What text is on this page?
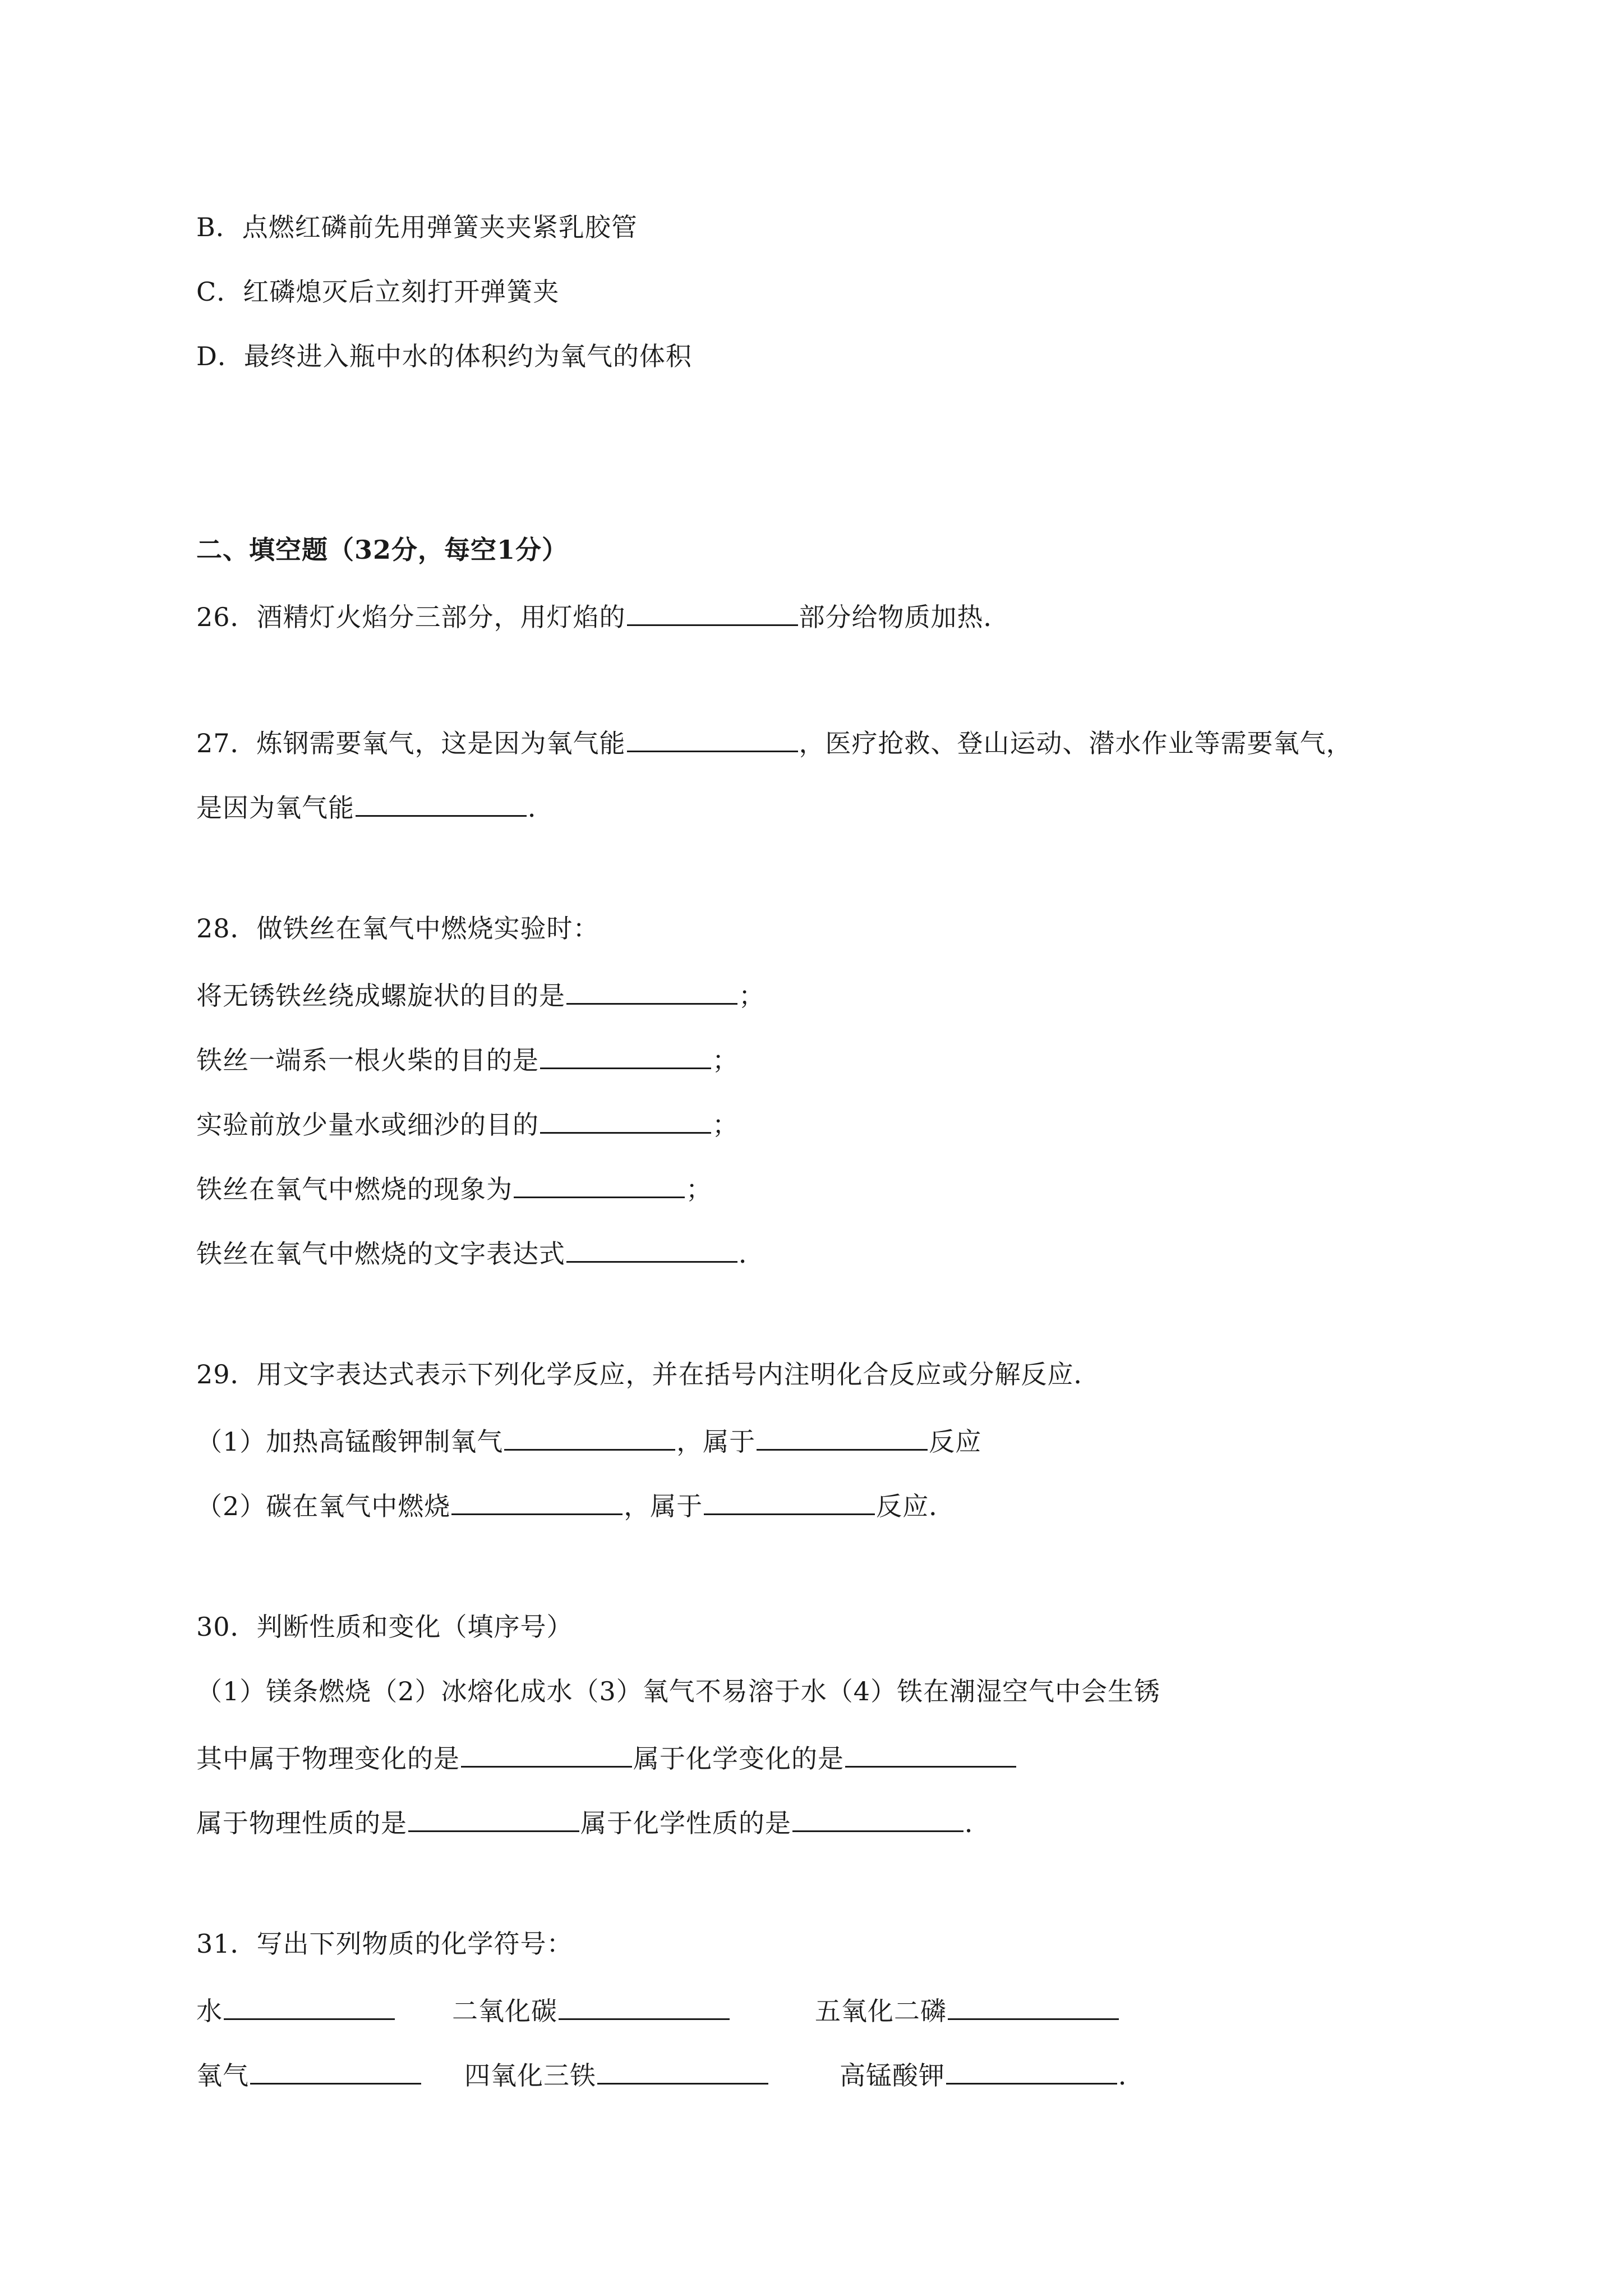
B．点燃红磷前先用弹簧夹夹紧乳胶管
C．红磷熄灭后立刻打开弹簧夹
D．最终进入瓶中水的体积约为氧气的体积
二、填空题（32分，每空1分）
26．酒精灯火焰分三部分，用灯焰的	部分给物质加热．
27．炼钢需要氧气，这是因为氧气能	，医疗抢救、登山运动、潜水作业等需要氧气，
是因为氧气能	．
28．做铁丝在氧气中燃烧实验时：
将无锈铁丝绕成螺旋状的目的是	；
铁丝一端系一根火柴的目的是	；
实验前放少量水或细沙的目的	；
铁丝在氧气中燃烧的现象为	；
铁丝在氧气中燃烧的文字表达式	．
29．用文字表达式表示下列化学反应，并在括号内注明化合反应或分解反应．
（1）加热高锰酸钾制氧气	，属于	反应
（2）碳在氧气中燃烧	，属于	反应．
30．判断性质和变化（填序号）
（1）镁条燃烧（2）冰熔化成水（3）氧气不易溶于水（4）铁在潮湿空气中会生锈
其中属于物理变化的是	属于化学变化的是
属于物理性质的是	属于化学性质的是	．
31．写出下列物质的化学符号：
水	二氧化碳	五氧化二磷
氧气	四氧化三铁	高锰酸钾	．
